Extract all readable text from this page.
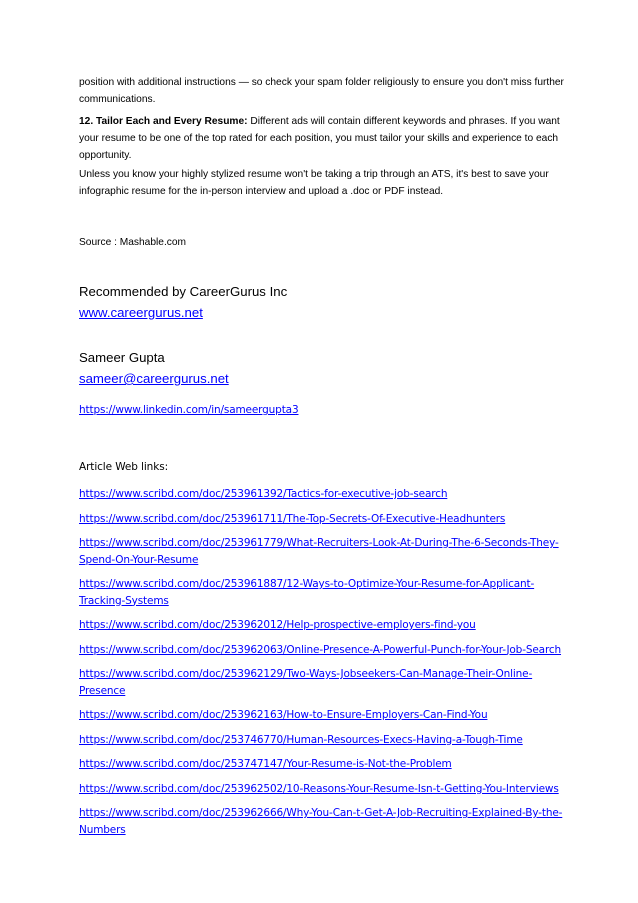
position with additional instructions — so check your spam folder religiously to ensure you don't miss further communications.

12. Tailor Each and Every Resume: Different ads will contain different keywords and phrases. If you want your resume to be one of the top rated for each position, you must tailor your skills and experience to each opportunity.

Unless you know your highly stylized resume won't be taking a trip through an ATS, it's best to save your infographic resume for the in-person interview and upload a .doc or PDF instead.

Source : Mashable.com
Recommended by CareerGurus Inc
www.careergurus.net
Sameer Gupta
sameer@careergurus.net
https://www.linkedin.com/in/sameergupta3
Article Web links:
https://www.scribd.com/doc/253961392/Tactics-​for-​executive-​job-​search
https://www.scribd.com/doc/253961711/The-​Top-​Secrets-​Of-​Executive-​Headhunters
https://www.scribd.com/doc/253961779/What-​Recruiters-​Look-​At-​During-​The-​6-​Seconds-​They-​Spend-​On-​Your-​Resume
https://www.scribd.com/doc/253961887/12-​Ways-​to-​Optimize-​Your-​Resume-​for-​Applicant-​Tracking-​Systems
https://www.scribd.com/doc/253962012/Help-​prospective-​employers-​find-​you
https://www.scribd.com/doc/253962063/Online-​Presence-​A-​Powerful-​Punch-​for-​Your-​Job-​Search
https://www.scribd.com/doc/253962129/Two-​Ways-​Jobseekers-​Can-​Manage-​Their-​Online-​Presence
https://www.scribd.com/doc/253962163/How-​to-​Ensure-​Employers-​Can-​Find-​You
https://www.scribd.com/doc/253746770/Human-​Resources-​Execs-​Having-​a-​Tough-​Time
https://www.scribd.com/doc/253747147/Your-​Resume-​is-​Not-​the-​Problem
https://www.scribd.com/doc/253962502/10-​Reasons-​Your-​Resume-​Isn-​t-​Getting-​You-​Interviews
https://www.scribd.com/doc/253962666/Why-​You-​Can-​t-​Get-​A-​Job-​Recruiting-​Explained-​By-​the-​Numbers
